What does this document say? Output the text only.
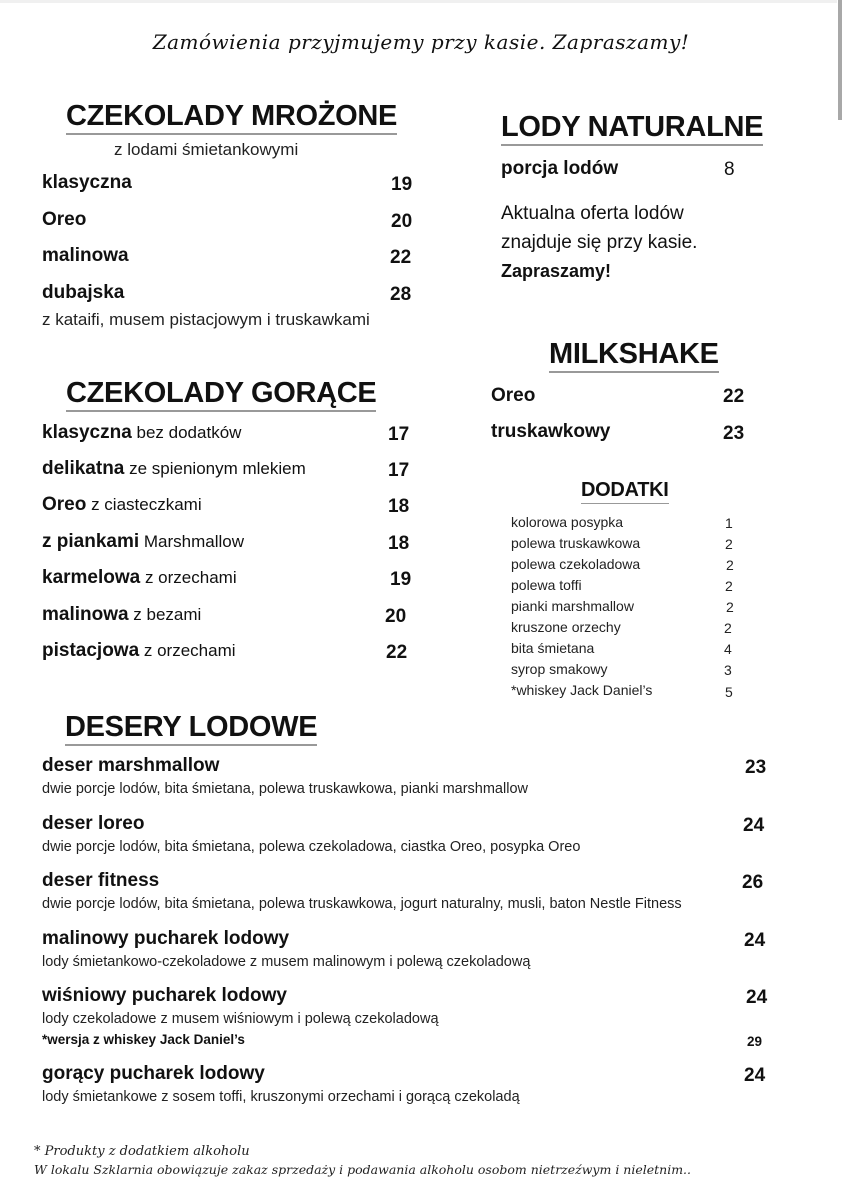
Zamówienia przyjmujemy przy kasie. Zapraszamy!
CZEKOLADY MROŻONE
z lodami śmietankowymi
klasyczna	19
Oreo	20
malinowa	22
dubajska	28
z kataifi, musem pistacjowym i truskawkami
LODY NATURALNE
porcja lodów	8
Aktualna oferta lodów
znajduje się przy kasie.
Zapraszamy!
CZEKOLADY GORĄCE
klasyczna bez dodatków	17
delikatna ze spienionym mlekiem	17
Oreo z ciasteczkami	18
z piankami Marshmallow	18
karmelowa z orzechami	19
malinowa z bezami	20
pistacjowa z orzechami	22
MILKSHAKE
Oreo	22
truskawkowy	23
DODATKI
kolorowa posypka	1
polewa truskawkowa	2
polewa czekoladowa	2
polewa toffi	2
pianki marshmallow	2
kruszone orzechy	2
bita śmietana	4
syrop smakowy	3
*whiskey Jack Daniel’s	5
DESERY LODOWE
deser marshmallow	23
dwie porcje lodów, bita śmietana, polewa truskawkowa, pianki marshmallow
deser loreo	24
dwie porcje lodów, bita śmietana, polewa czekoladowa, ciastka Oreo, posypka Oreo
deser fitness	26
dwie porcje lodów, bita śmietana, polewa truskawkowa, jogurt naturalny, musli, baton Nestle Fitness
malinowy pucharek lodowy	24
lody śmietankowo-czekoladowe z musem malinowym i polewą czekoladową
wiśniowy pucharek lodowy	24
lody czekoladowe z musem wiśniowym i polewą czekoladową
*wersja z whiskey Jack Daniel’s	29
gorący pucharek lodowy	24
lody śmietankowe z sosem toffi, kruszonymi orzechami i gorącą czekoladą
* Produkty z dodatkiem alkoholu
W lokalu Szklarnia obowiązuje zakaz sprzedaży i podawania alkoholu osobom nietrzeźwym i nieletnim..
